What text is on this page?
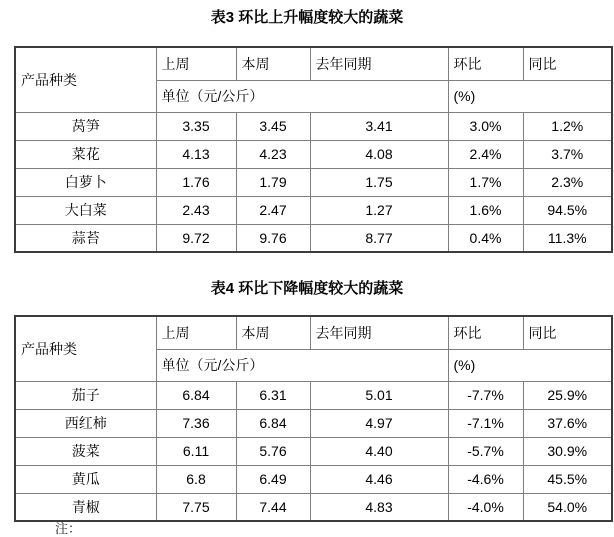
表3 环比上升幅度较大的蔬菜
产品种类	上周	本周	去年同期	环比	同比
	单位（元/公斤）			(%)	
莴笋	3.35	3.45	3.41	3.0%	1.2%
菜花	4.13	4.23	4.08	2.4%	3.7%
白萝卜	1.76	1.79	1.75	1.7%	2.3%
大白菜	2.43	2.47	1.27	1.6%	94.5%
蒜苔	9.72	9.76	8.77	0.4%	11.3%
表4 环比下降幅度较大的蔬菜
产品种类	上周	本周	去年同期	环比	同比
	单位（元/公斤）			(%)	
茄子	6.84	6.31	5.01	-7.7%	25.9%
西红柿	7.36	6.84	4.97	-7.1%	37.6%
菠菜	6.11	5.76	4.40	-5.7%	30.9%
黄瓜	6.8	6.49	4.46	-4.6%	45.5%
青椒	7.75	7.44	4.83	-4.0%	54.0%
注：
